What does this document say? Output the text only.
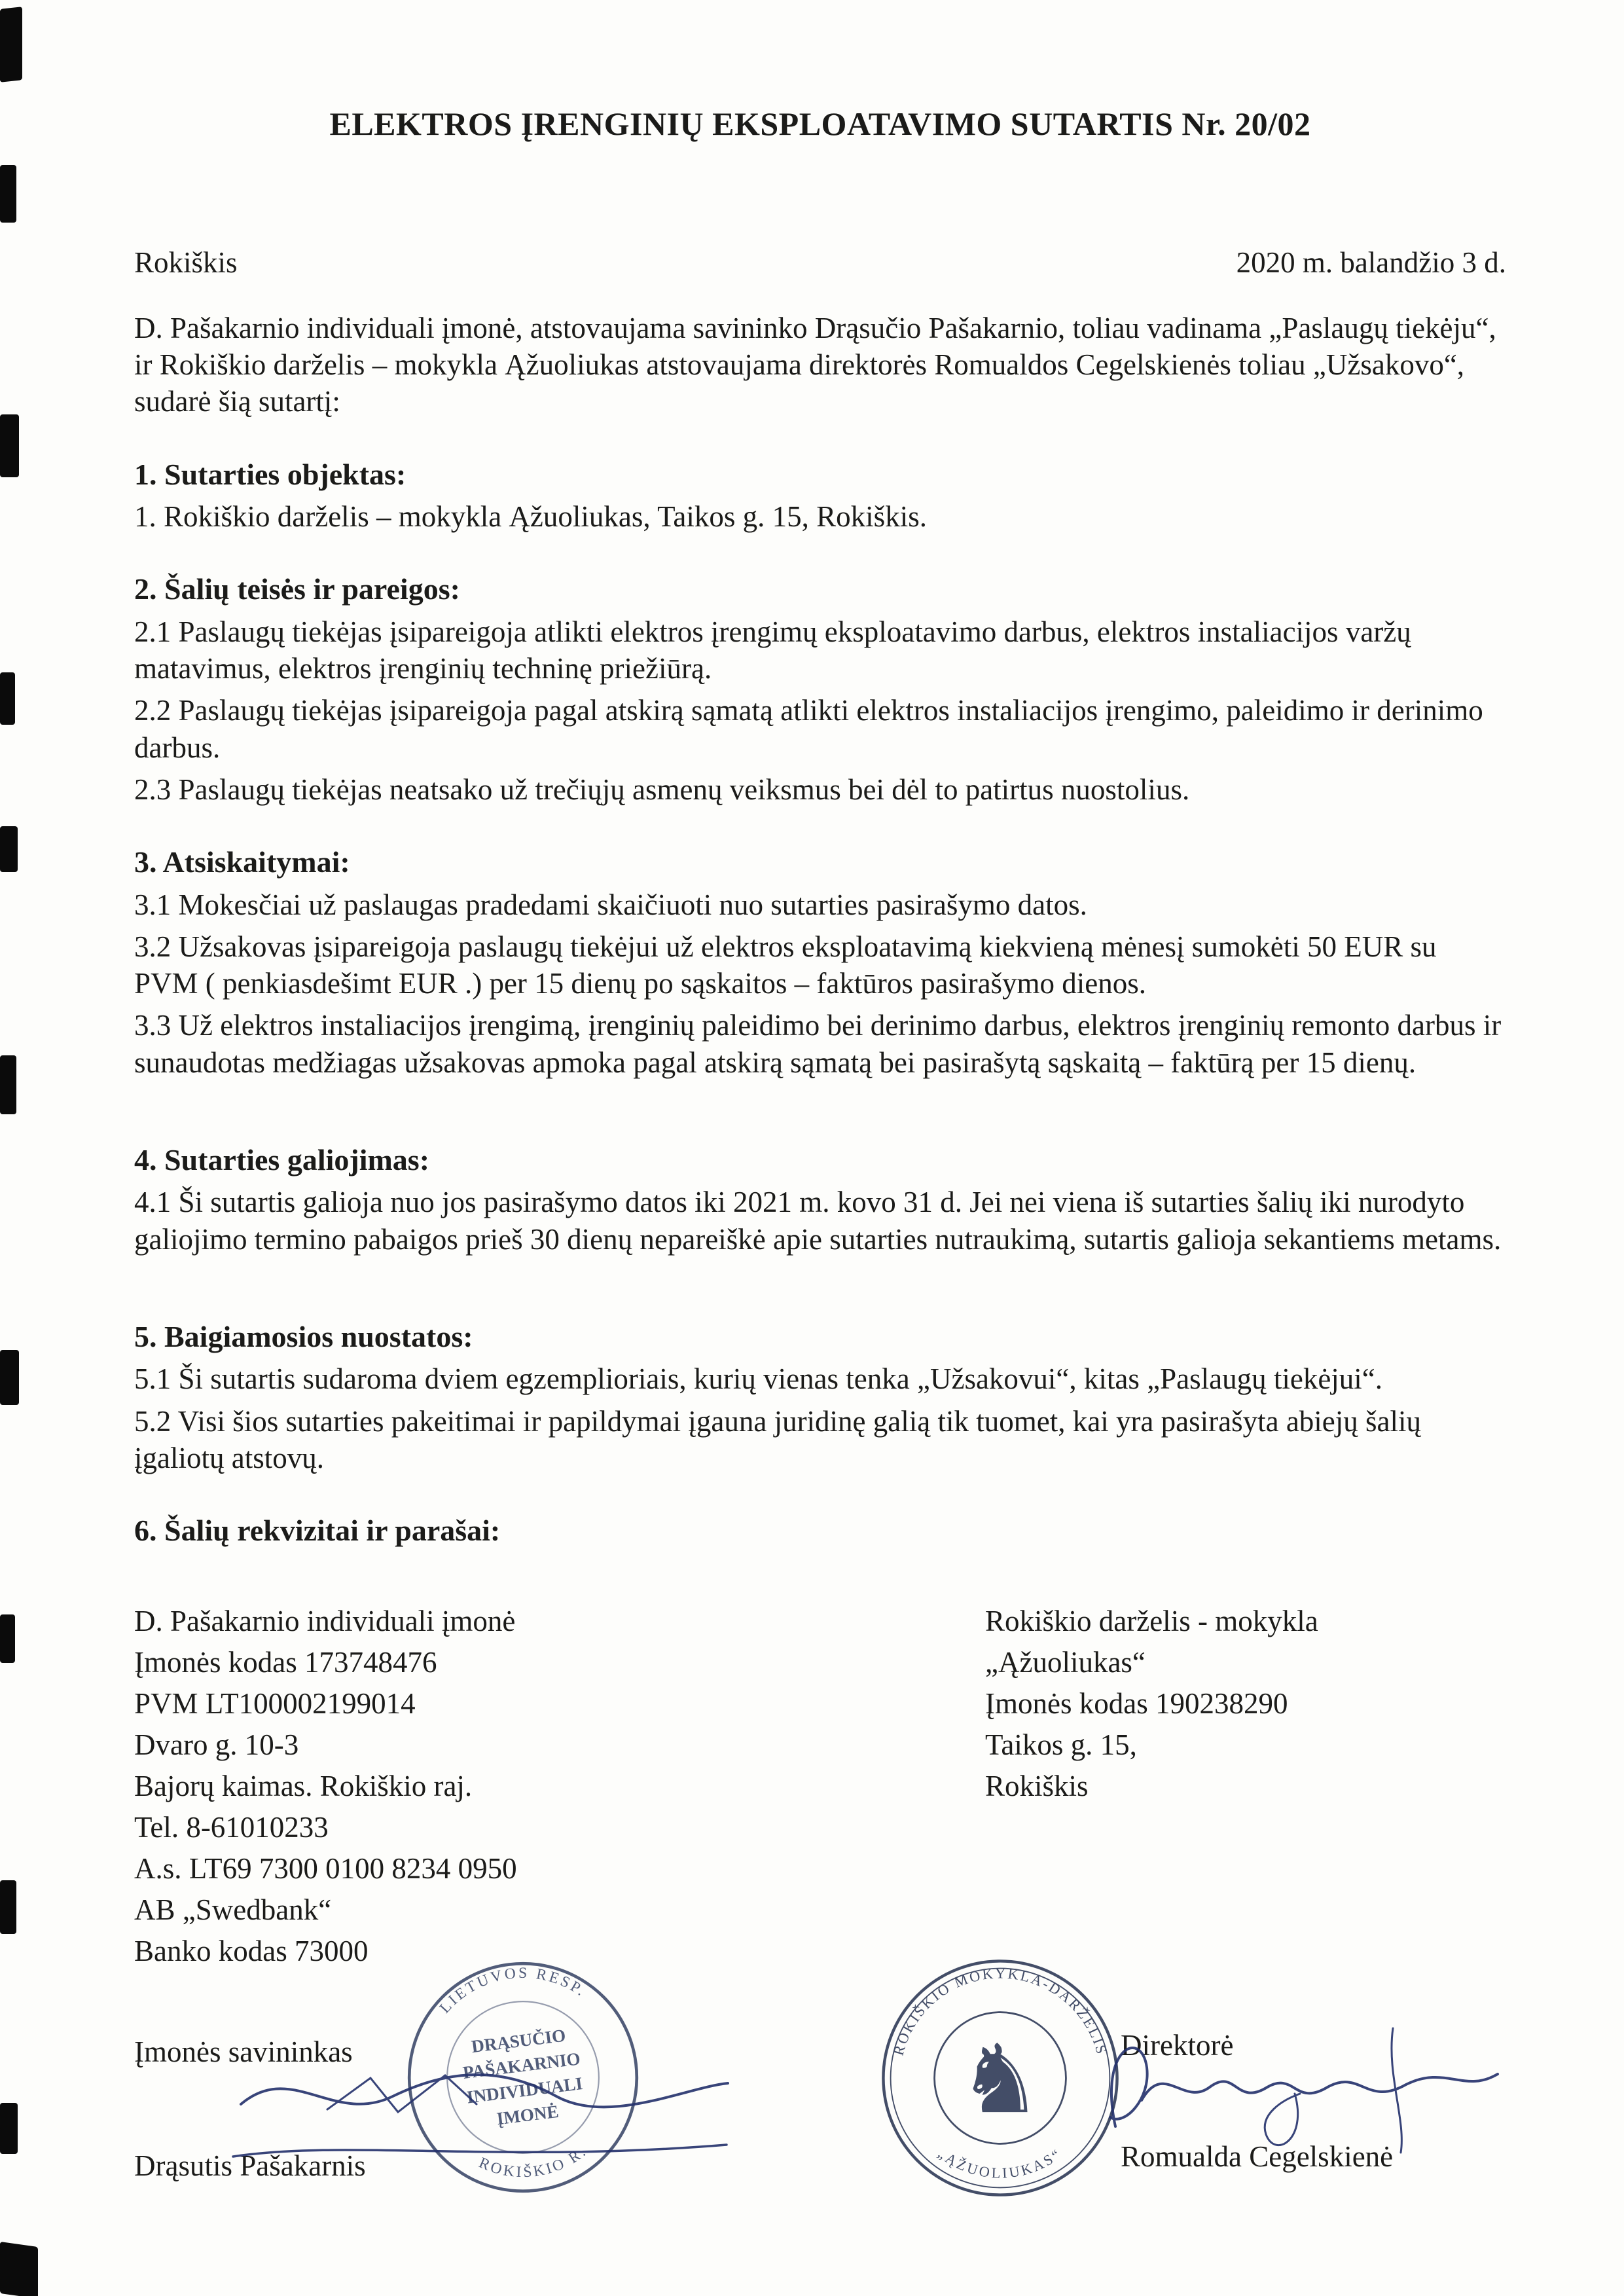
ELEKTROS ĮRENGINIŲ EKSPLOATAVIMO SUTARTIS Nr. 20/02
Rokiškis	2020 m. balandžio 3 d.

D. Pašakarnio individuali įmonė, atstovaujama savininko Drąsučio Pašakarnio, toliau vadinama „Paslaugų tiekėju“, ir Rokiškio darželis – mokykla Ąžuoliukas atstovaujama direktorės Romualdos Cegelskienės toliau „Užsakovo“, sudarė šią sutartį:

1. Sutarties objektas:

1. Rokiškio darželis – mokykla Ąžuoliukas, Taikos g. 15, Rokiškis.

2. Šalių teisės ir pareigos:

2.1 Paslaugų tiekėjas įsipareigoja atlikti elektros įrengimų eksploatavimo darbus, elektros instaliacijos varžų matavimus, elektros įrenginių techninę priežiūrą.

2.2 Paslaugų tiekėjas įsipareigoja pagal atskirą sąmatą atlikti elektros instaliacijos įrengimo, paleidimo ir derinimo darbus.

2.3 Paslaugų tiekėjas neatsako už trečiųjų asmenų veiksmus bei dėl to patirtus nuostolius.

3. Atsiskaitymai:

3.1 Mokesčiai už paslaugas pradedami skaičiuoti nuo sutarties pasirašymo datos.

3.2 Užsakovas įsipareigoja paslaugų tiekėjui už elektros eksploatavimą kiekvieną mėnesį sumokėti 50 EUR su PVM ( penkiasdešimt EUR .) per 15 dienų po sąskaitos – faktūros pasirašymo dienos.

3.3 Už elektros instaliacijos įrengimą, įrenginių paleidimo bei derinimo darbus, elektros įrenginių remonto darbus ir sunaudotas medžiagas užsakovas apmoka pagal atskirą sąmatą bei pasirašytą sąskaitą – faktūrą per 15 dienų.

4. Sutarties galiojimas:

4.1 Ši sutartis galioja nuo jos pasirašymo datos iki 2021 m. kovo 31 d. Jei nei viena iš sutarties šalių iki nurodyto galiojimo termino pabaigos prieš 30 dienų nepareiškė apie sutarties nutraukimą, sutartis galioja sekantiems metams.

5. Baigiamosios nuostatos:

5.1 Ši sutartis sudaroma dviem egzemplioriais, kurių vienas tenka „Užsakovui“, kitas „Paslaugų tiekėjui“.

5.2 Visi šios sutarties pakeitimai ir papildymai įgauna juridinę galią tik tuomet, kai yra pasirašyta abiejų šalių įgaliotų atstovų.

6. Šalių rekvizitai ir parašai:
D. Pašakarnio individuali įmonė
Įmonės kodas 173748476
PVM LT100002199014
Dvaro g. 10-3
Bajorų kaimas. Rokiškio raj.
Tel. 8-61010233
A.s. LT69 7300 0100 8234 0950
AB „Swedbank“
Banko kodas 73000
Rokiškio darželis - mokykla
„Ąžuoliukas“
Įmonės kodas 190238290
Taikos g. 15,
Rokiškis
Įmonės savininkas
Drąsutis Pašakarnis
Direktorė
Romualda Cegelskienė
LIETUVOS RESP.
ROKIŠKIO R.
DRĄSUČIO
PAŠAKARNIO
INDIVIDUALI
ĮMONĖ
ROKIŠKIO MOKYKLA-DARŽELIS
„ĄŽUOLIUKAS“
♞
